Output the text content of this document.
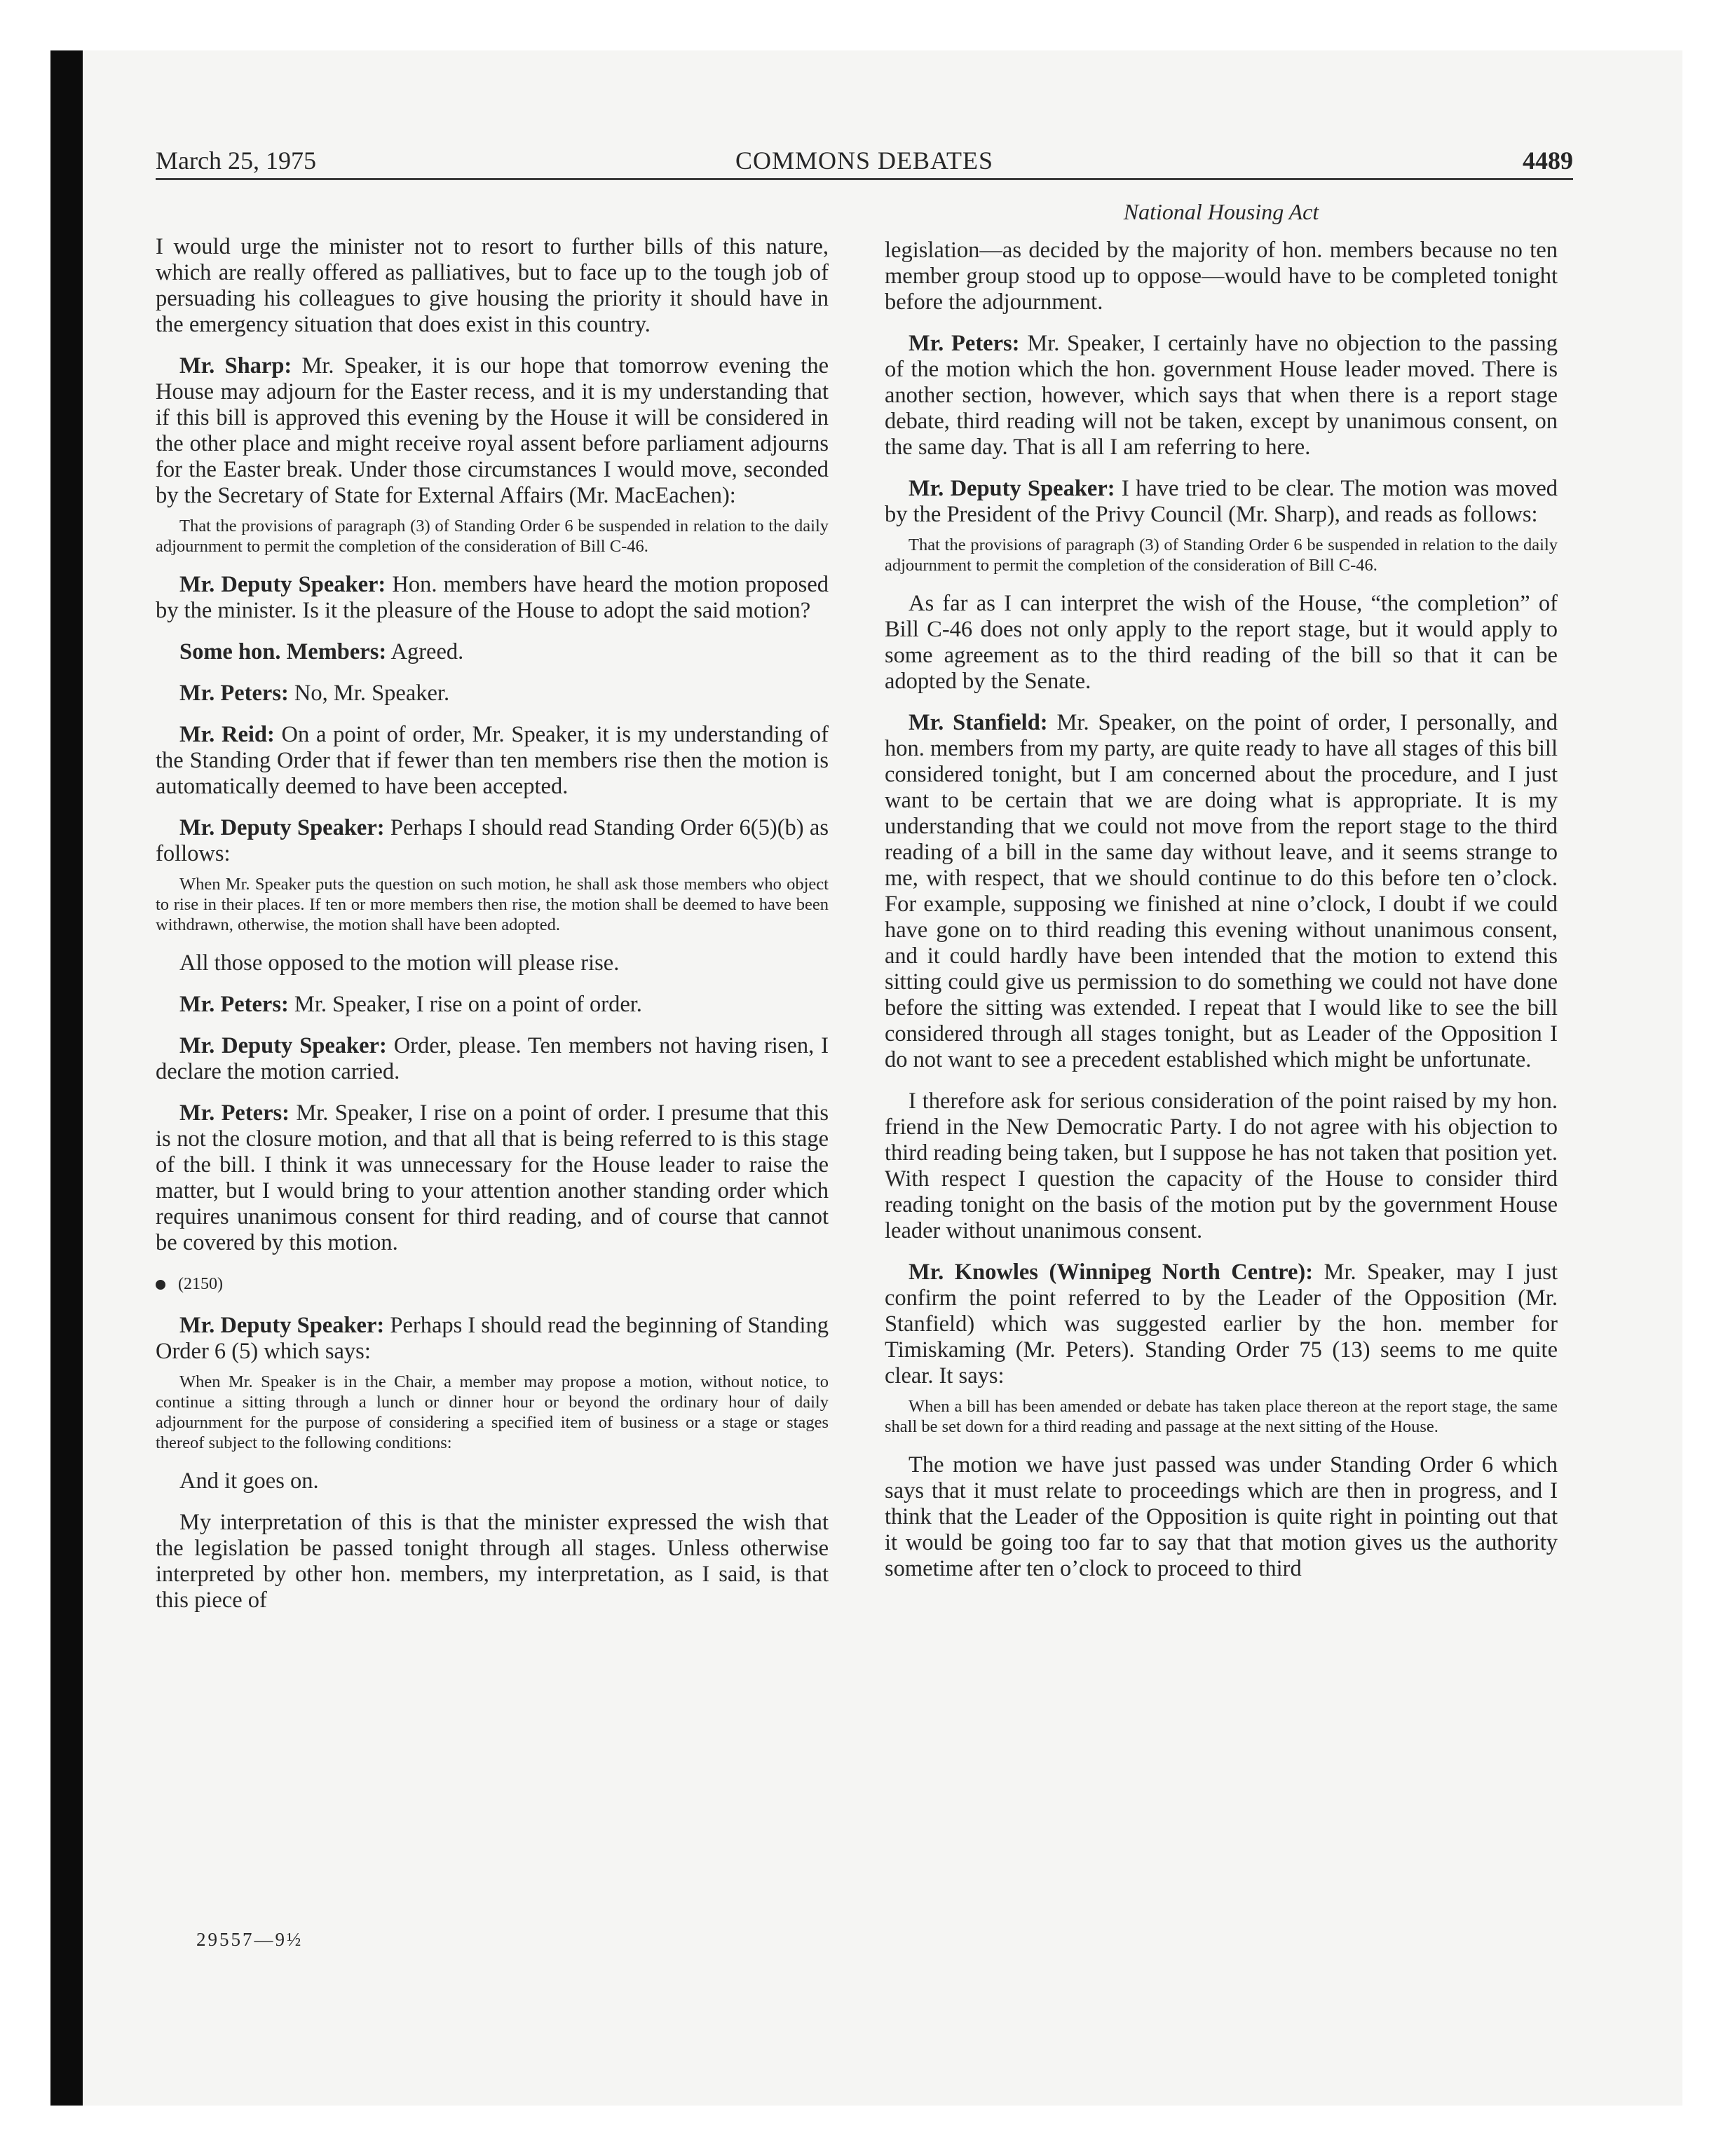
March 25, 1975	COMMONS DEBATES	4489

I would urge the minister not to resort to further bills of this nature, which are really offered as palliatives, but to face up to the tough job of persuading his colleagues to give housing the priority it should have in the emergency situation that does exist in this country.

Mr. Sharp: Mr. Speaker, it is our hope that tomorrow evening the House may adjourn for the Easter recess, and it is my understanding that if this bill is approved this evening by the House it will be considered in the other place and might receive royal assent before parliament adjourns for the Easter break. Under those circumstances I would move, seconded by the Secretary of State for External Affairs (Mr. MacEachen):

That the provisions of paragraph (3) of Standing Order 6 be suspended in relation to the daily adjournment to permit the completion of the consideration of Bill C-46.

Mr. Deputy Speaker: Hon. members have heard the motion proposed by the minister. Is it the pleasure of the House to adopt the said motion?

Some hon. Members: Agreed.

Mr. Peters: No, Mr. Speaker.

Mr. Reid: On a point of order, Mr. Speaker, it is my understanding of the Standing Order that if fewer than ten members rise then the motion is automatically deemed to have been accepted.

Mr. Deputy Speaker: Perhaps I should read Standing Order 6(5)(b) as follows:

When Mr. Speaker puts the question on such motion, he shall ask those members who object to rise in their places. If ten or more members then rise, the motion shall be deemed to have been withdrawn, otherwise, the motion shall have been adopted.

All those opposed to the motion will please rise.

Mr. Peters: Mr. Speaker, I rise on a point of order.

Mr. Deputy Speaker: Order, please. Ten members not having risen, I declare the motion carried.

Mr. Peters: Mr. Speaker, I rise on a point of order. I presume that this is not the closure motion, and that all that is being referred to is this stage of the bill. I think it was unnecessary for the House leader to raise the matter, but I would bring to your attention another standing order which requires unanimous consent for third reading, and of course that cannot be covered by this motion.

(2150)

Mr. Deputy Speaker: Perhaps I should read the beginning of Standing Order 6 (5) which says:

When Mr. Speaker is in the Chair, a member may propose a motion, without notice, to continue a sitting through a lunch or dinner hour or beyond the ordinary hour of daily adjournment for the purpose of considering a specified item of business or a stage or stages thereof subject to the following conditions:

And it goes on.

My interpretation of this is that the minister expressed the wish that the legislation be passed tonight through all stages. Unless otherwise interpreted by other hon. members, my interpretation, as I said, is that this piece of

National Housing Act

legislation—as decided by the majority of hon. members because no ten member group stood up to oppose—would have to be completed tonight before the adjournment.

Mr. Peters: Mr. Speaker, I certainly have no objection to the passing of the motion which the hon. government House leader moved. There is another section, however, which says that when there is a report stage debate, third reading will not be taken, except by unanimous consent, on the same day. That is all I am referring to here.

Mr. Deputy Speaker: I have tried to be clear. The motion was moved by the President of the Privy Council (Mr. Sharp), and reads as follows:

That the provisions of paragraph (3) of Standing Order 6 be suspended in relation to the daily adjournment to permit the completion of the consideration of Bill C-46.

As far as I can interpret the wish of the House, “the completion” of Bill C-46 does not only apply to the report stage, but it would apply to some agreement as to the third reading of the bill so that it can be adopted by the Senate.

Mr. Stanfield: Mr. Speaker, on the point of order, I personally, and hon. members from my party, are quite ready to have all stages of this bill considered tonight, but I am concerned about the procedure, and I just want to be certain that we are doing what is appropriate. It is my understanding that we could not move from the report stage to the third reading of a bill in the same day without leave, and it seems strange to me, with respect, that we should continue to do this before ten o’clock. For example, supposing we finished at nine o’clock, I doubt if we could have gone on to third reading this evening without unanimous consent, and it could hardly have been intended that the motion to extend this sitting could give us permission to do something we could not have done before the sitting was extended. I repeat that I would like to see the bill considered through all stages tonight, but as Leader of the Opposition I do not want to see a precedent established which might be unfortunate.

I therefore ask for serious consideration of the point raised by my hon. friend in the New Democratic Party. I do not agree with his objection to third reading being taken, but I suppose he has not taken that position yet. With respect I question the capacity of the House to consider third reading tonight on the basis of the motion put by the government House leader without unanimous consent.

Mr. Knowles (Winnipeg North Centre): Mr. Speaker, may I just confirm the point referred to by the Leader of the Opposition (Mr. Stanfield) which was suggested earlier by the hon. member for Timiskaming (Mr. Peters). Standing Order 75 (13) seems to me quite clear. It says:

When a bill has been amended or debate has taken place thereon at the report stage, the same shall be set down for a third reading and passage at the next sitting of the House.

The motion we have just passed was under Standing Order 6 which says that it must relate to proceedings which are then in progress, and I think that the Leader of the Opposition is quite right in pointing out that it would be going too far to say that that motion gives us the authority sometime after ten o’clock to proceed to third

29557—9½
